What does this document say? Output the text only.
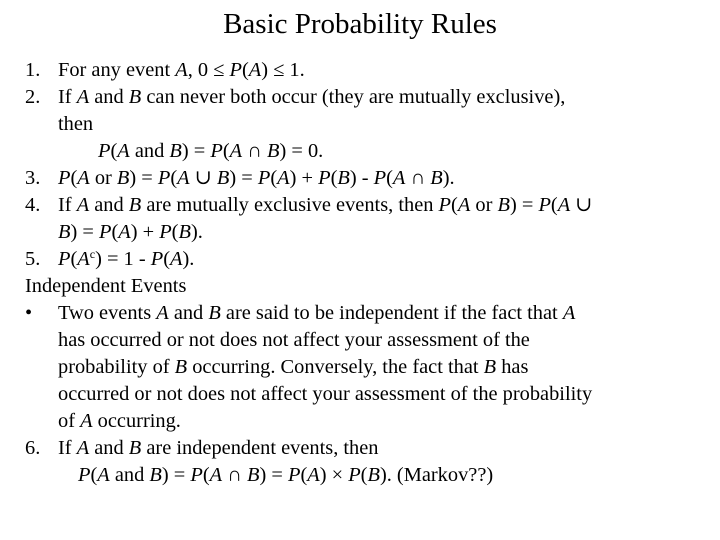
Basic Probability Rules
1. For any event A, 0 ≤ P(A) ≤ 1.
2. If A and B can never both occur (they are mutually exclusive),
then
P(A and B) = P(A ∩ B) = 0.
3. P(A or B) = P(A ∪ B) = P(A) + P(B) - P(A ∩ B).
4. If A and B are mutually exclusive events, then P(A or B) = P(A ∪
B) = P(A) + P(B).
5. $P(A^c) = 1 - P(A)$.
Independent Events
•	Two events A and B are said to be independent if the fact that A
has occurred or not does not affect your assessment of the
probability of B occurring. Conversely, the fact that B has
occurred or not does not affect your assessment of the probability
of A occurring.
6. If A and B are independent events, then
P(A and B) = P(A ∩ B) = P(A) × P(B). (Markov??)
